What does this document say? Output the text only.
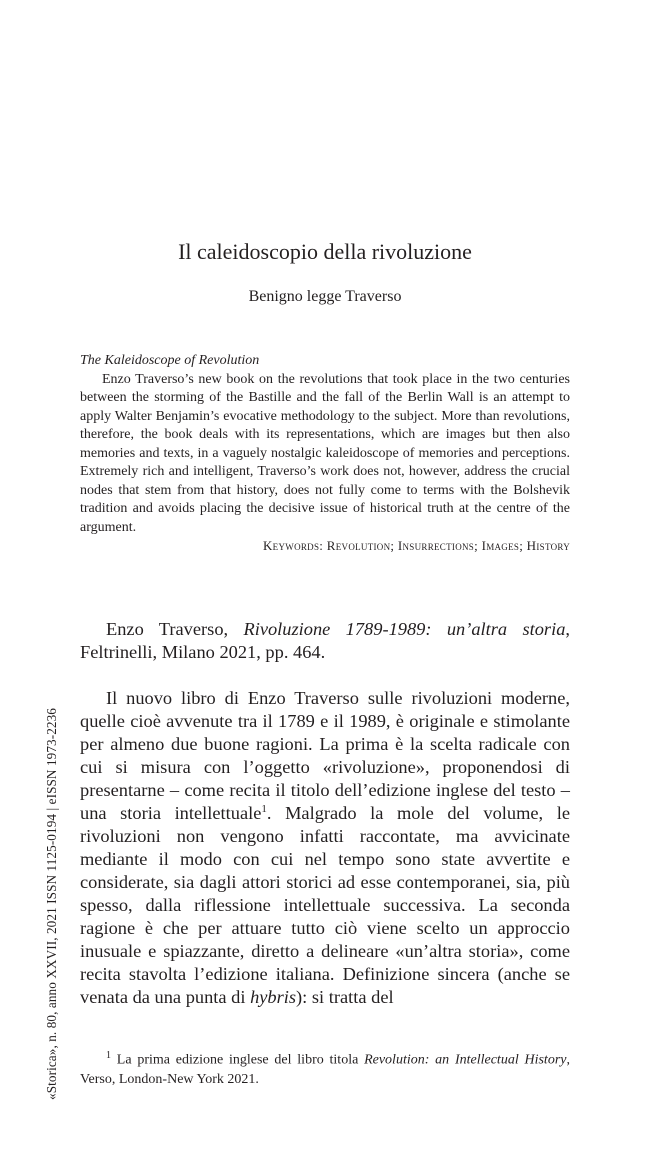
«Storica», n. 80, anno XXVII, 2021 ISSN 1125-0194 | eISSN 1973-2236
Il caleidoscopio della rivoluzione
Benigno legge Traverso
The Kaleidoscope of Revolution
Enzo Traverso’s new book on the revolutions that took place in the two centuries between the storming of the Bastille and the fall of the Berlin Wall is an attempt to apply Walter Benjamin’s evocative methodology to the subject. More than revolutions, therefore, the book deals with its representations, which are images but then also memories and texts, in a vaguely nostalgic kaleidoscope of memories and perceptions. Extremely rich and intelligent, Traverso’s work does not, however, address the crucial nodes that stem from that history, does not fully come to terms with the Bolshevik tradition and avoids placing the decisive issue of historical truth at the centre of the argument.
Keywords: Revolution; Insurrections; Images; History

Enzo Traverso, Rivoluzione 1789-1989: un’altra storia, Feltrinelli, Milano 2021, pp. 464.

Il nuovo libro di Enzo Traverso sulle rivoluzioni moderne, quelle cioè avvenute tra il 1789 e il 1989, è originale e stimolante per almeno due buone ragioni. La prima è la scelta radicale con cui si misura con l’oggetto «rivoluzione», proponendosi di presentarne – come recita il titolo dell’edizione inglese del testo – una storia intellettuale$^1$. Malgrado la mole del volume, le rivoluzioni non vengono infatti raccontate, ma avvicinate mediante il modo con cui nel tempo sono state avvertite e considerate, sia dagli attori storici ad esse contemporanei, sia, più spesso, dalla riflessione intellettuale successiva. La seconda ragione è che per attuare tutto ciò viene scelto un approccio inusuale e spiazzante, diretto a delineare «un’altra storia», come recita stavolta l’edizione italiana. Definizione sincera (anche se venata da una punta di hybris): si tratta del

$^1$ La prima edizione inglese del libro titola Revolution: an Intellectual History, Verso, London-New York 2021.
